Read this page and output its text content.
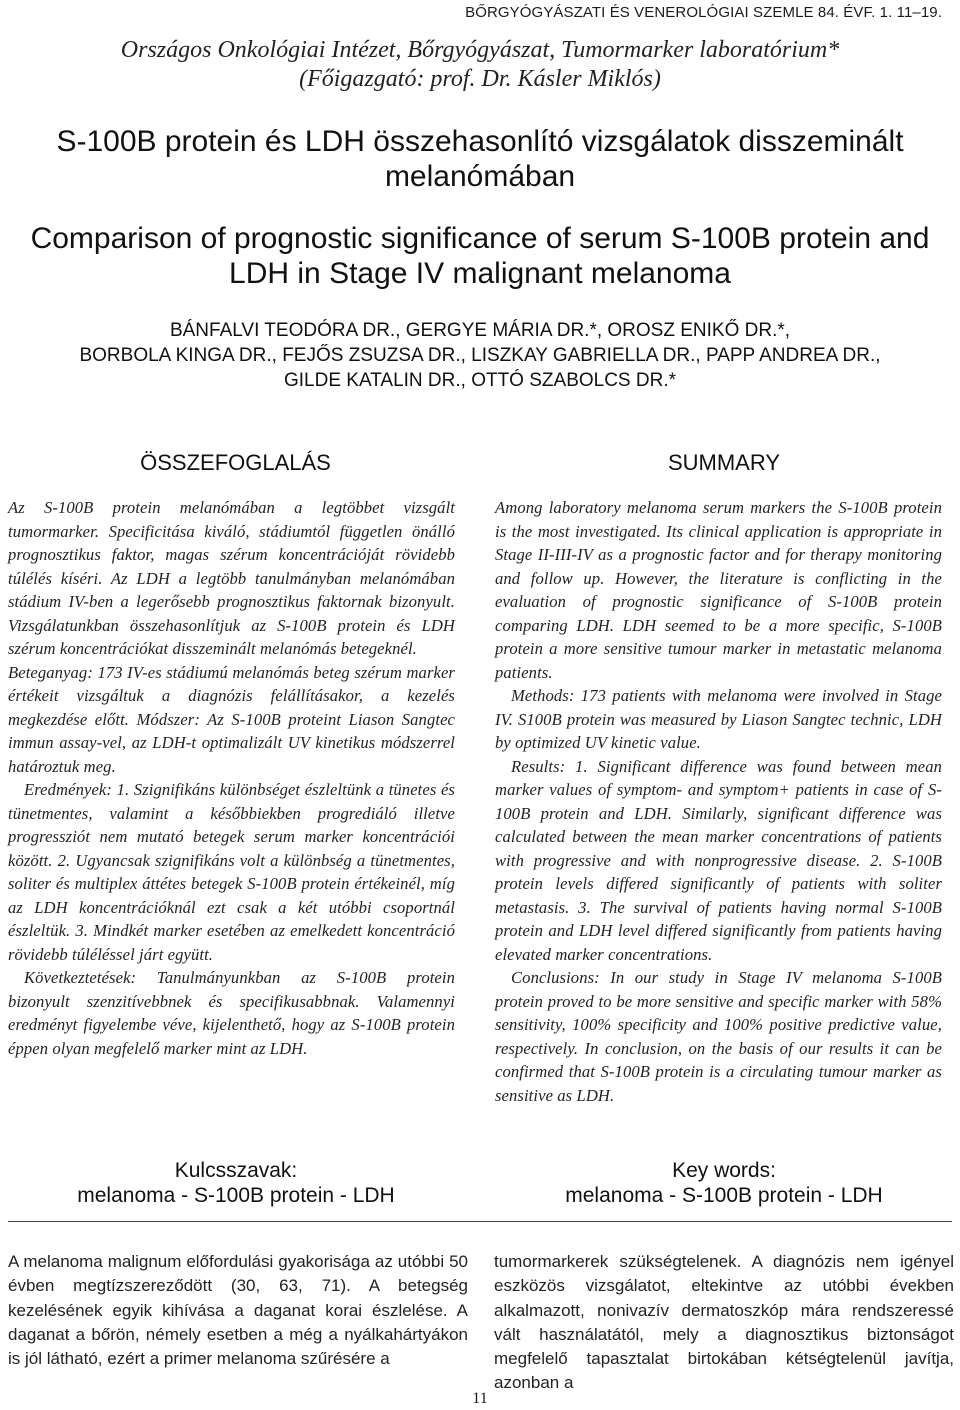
BŐRGYÓGYÁSZATI ÉS VENEROLÓGIAI SZEMLE 84. ÉVF. 1. 11–19.
Országos Onkológiai Intézet, Bőrgyógyászat, Tumormarker laboratórium*
(Főigazgató: prof. Dr. Kásler Miklós)
S-100B protein és LDH összehasonlító vizsgálatok disszeminált
melanómában
Comparison of prognostic significance of serum S-100B protein and
LDH in Stage IV malignant melanoma
BÁNFALVI TEODÓRA DR., GERGYE MÁRIA DR.*, OROSZ ENIKŐ DR.*,
BORBOLA KINGA DR., FEJŐS ZSUZSA DR., LISZKAY GABRIELLA DR., PAPP ANDREA DR.,
GILDE KATALIN DR., OTTÓ SZABOLCS DR.*
ÖSSZEFOGLALÁS	SUMMARY

Az S-100B protein melanómában a legtöbbet vizsgált tumormarker. Specificitása kiváló, stádiumtól független önálló prognosztikus faktor, magas szérum koncentrációját rövidebb túlélés kíséri. Az LDH a legtöbb tanulmányban melanómában stádium IV-ben a legerősebb prognosztikus faktornak bizonyult. Vizsgálatunkban összehasonlítjuk az S-100B protein és LDH szérum koncentrációkat disszeminált melanómás betegeknél.

Beteganyag: 173 IV-es stádiumú melanómás beteg szérum marker értékeit vizsgáltuk a diagnózis felállításakor, a kezelés megkezdése előtt. Módszer: Az S-100B proteint Liason Sangtec immun assay-vel, az LDH-t optimalizált UV kinetikus módszerrel határoztuk meg.

Eredmények: 1. Szignifikáns különbséget észleltünk a tünetes és tünetmentes, valamint a későbbiekben progrediáló illetve progressziót nem mutató betegek serum marker koncentrációi között. 2. Ugyancsak szignifikáns volt a különbség a tünetmentes, soliter és multiplex áttétes betegek S-100B protein értékeinél, míg az LDH koncentrációknál ezt csak a két utóbbi csoportnál észleltük. 3. Mindkét marker esetében az emelkedett koncentráció rövidebb túléléssel járt együtt.

Következtetések: Tanulmányunkban az S-100B protein bizonyult szenzitívebbnek és specifikusabbnak. Valamennyi eredményt figyelembe véve, kijelenthető, hogy az S-100B protein éppen olyan megfelelő marker mint az LDH.

Among laboratory melanoma serum markers the S-100B protein is the most investigated. Its clinical application is appropriate in Stage II-III-IV as a prognostic factor and for therapy monitoring and follow up. However, the literature is conflicting in the evaluation of prognostic significance of S-100B protein comparing LDH. LDH seemed to be a more specific, S-100B protein a more sensitive tumour marker in metastatic melanoma patients.

Methods: 173 patients with melanoma were involved in Stage IV. S100B protein was measured by Liason Sangtec technic, LDH by optimized UV kinetic value.

Results: 1. Significant difference was found between mean marker values of symptom- and symptom+ patients in case of S-100B protein and LDH. Similarly, significant difference was calculated between the mean marker concentrations of patients with progressive and with nonprogressive disease. 2. S-100B protein levels differed significantly of patients with soliter metastasis. 3. The survival of patients having normal S-100B protein and LDH level differed significantly from patients having elevated marker concentrations.

Conclusions: In our study in Stage IV melanoma S-100B protein proved to be more sensitive and specific marker with 58% sensitivity, 100% specificity and 100% positive predictive value, respectively. In conclusion, on the basis of our results it can be confirmed that S-100B protein is a circulating tumour marker as sensitive as LDH.

Kulcsszavak:
melanoma - S-100B protein - LDH
Key words:
melanoma - S-100B protein - LDH

A melanoma malignum előfordulási gyakorisága az utóbbi 50 évben megtízszereződött (30, 63, 71). A betegség kezelésének egyik kihívása a daganat korai észlelése. A daganat a bőrön, némely esetben a még a nyálkahártyákon is jól látható, ezért a primer melanoma szűrésére a

tumormarkerek szükségtelenek. A diagnózis nem igényel eszközös vizsgálatot, eltekintve az utóbbi években alkalmazott, nonivazív dermatoszkóp mára rendszeressé vált használatától, mely a diagnosztikus biztonságot megfelelő tapasztalat birtokában kétségtelenül javítja, azonban a

11
